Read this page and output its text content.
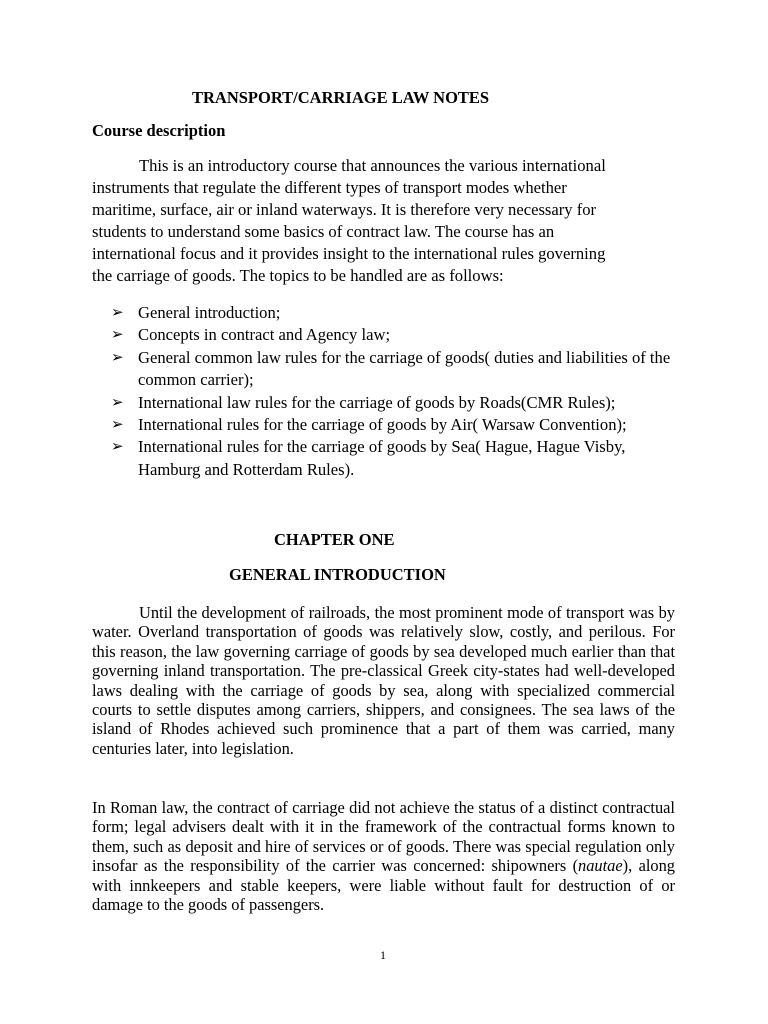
TRANSPORT/CARRIAGE LAW NOTES
Course description
This is an introductory course that announces the various international
instruments that regulate the different types of transport modes whether
maritime, surface, air or inland waterways. It is therefore very necessary for
students to understand some basics of contract law. The course has an
international focus and it provides insight to the international rules governing
the carriage of goods. The topics to be handled are as follows:
➢ General introduction;
➢ Concepts in contract and Agency law;
➢ General common law rules for the carriage of goods( duties and liabilities of the common carrier);
➢ International law rules for the carriage of goods by Roads(CMR Rules);
➢ International rules for the carriage of goods by Air( Warsaw Convention);
➢ International rules for the carriage of goods by Sea( Hague, Hague Visby, Hamburg and Rotterdam Rules).
CHAPTER ONE
GENERAL INTRODUCTION

Until the development of railroads, the most prominent mode of transport was by water. Overland transportation of goods was relatively slow, costly, and perilous. For this reason, the law governing carriage of goods by sea developed much earlier than that governing inland transportation. The pre-classical Greek city-states had well-developed laws dealing with the carriage of goods by sea, along with specialized commercial courts to settle disputes among carriers, shippers, and consignees. The sea laws of the island of Rhodes achieved such prominence that a part of them was carried, many centuries later, into legislation.

In Roman law, the contract of carriage did not achieve the status of a distinct contractual form; legal advisers dealt with it in the framework of the contractual forms known to them, such as deposit and hire of services or of goods. There was special regulation only insofar as the responsibility of the carrier was concerned: shipowners (nautae), along with innkeepers and stable keepers, were liable without fault for destruction of or damage to the goods of passengers.

1
